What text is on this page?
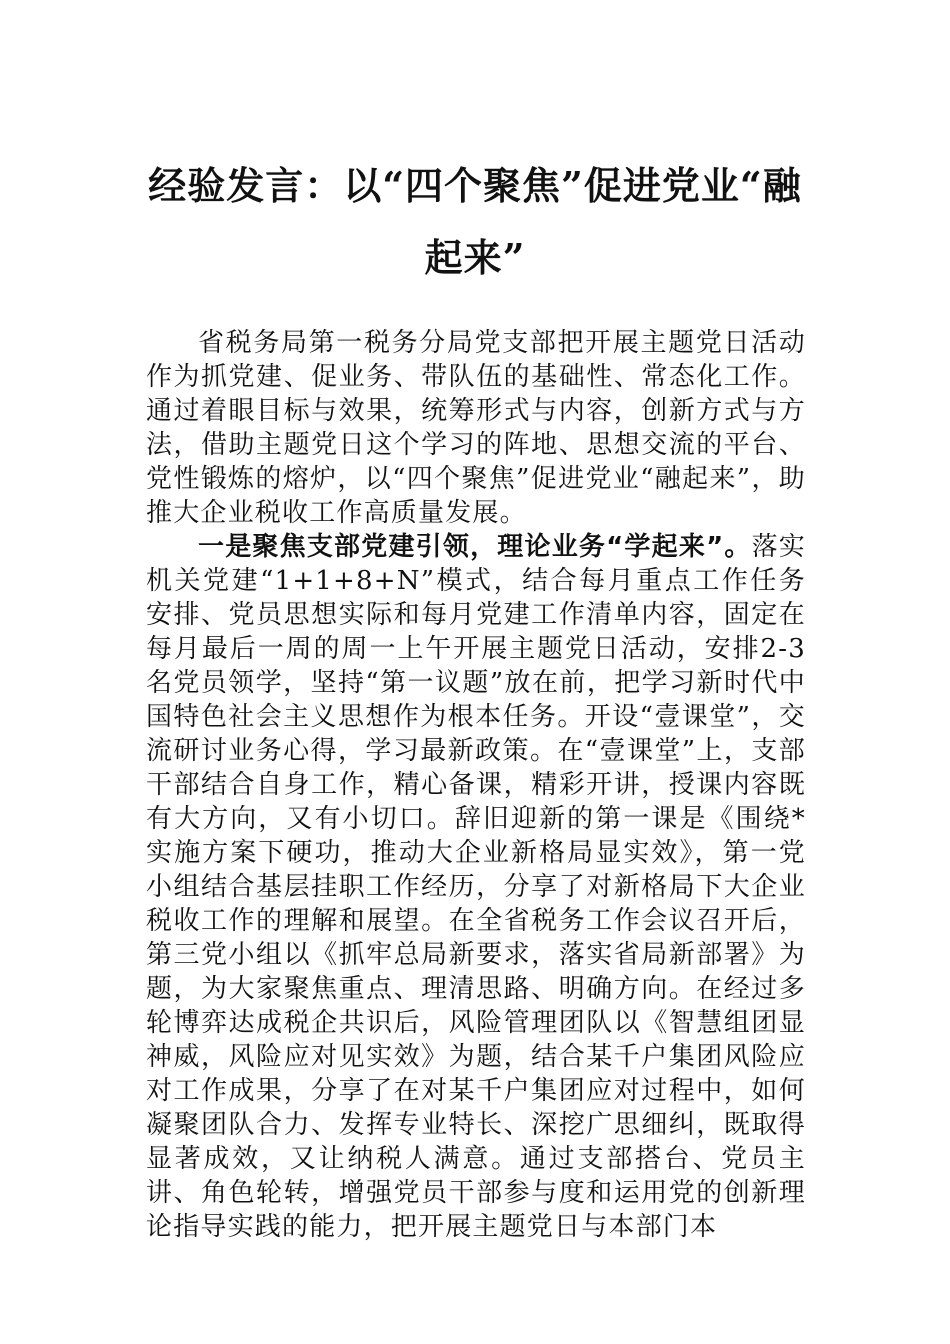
经验发言：以“四个聚焦”促进党业“融起来”

省税务局第一税务分局党支部把开展主题党日活动作为抓党建、促业务、带队伍的基础性、常态化工作。通过着眼目标与效果，统筹形式与内容，创新方式与方法，借助主题党日这个学习的阵地、思想交流的平台、党性锻炼的熔炉，以“四个聚焦”促进党业“融起来”，助推大企业税收工作高质量发展。

一是聚焦支部党建引领，理论业务“学起来”。落实机关党建“1+1+8+N”模式，结合每月重点工作任务安排、党员思想实际和每月党建工作清单内容，固定在每月最后一周的周一上午开展主题党日活动，安排2-3名党员领学，坚持“第一议题”放在前，把学习新时代中国特色社会主义思想作为根本任务。开设“壹课堂”，交流研讨业务心得，学习最新政策。在“壹课堂”上，支部干部结合自身工作，精心备课，精彩开讲，授课内容既有大方向，又有小切口。辞旧迎新的第一课是《围绕*实施方案下硬功，推动大企业新格局显实效》，第一党小组结合基层挂职工作经历，分享了对新格局下大企业税收工作的理解和展望。在全省税务工作会议召开后，第三党小组以《抓牢总局新要求，落实省局新部署》为题，为大家聚焦重点、理清思路、明确方向。在经过多轮博弈达成税企共识后，风险管理团队以《智慧组团显神威，风险应对见实效》为题，结合某千户集团风险应对工作成果，分享了在对某千户集团应对过程中，如何凝聚团队合力、发挥专业特长、深挖广思细纠，既取得显著成效，又让纳税人满意。通过支部搭台、党员主讲、角色轮转，增强党员干部参与度和运用党的创新理论指导实践的能力，把开展主题党日与本部门本
